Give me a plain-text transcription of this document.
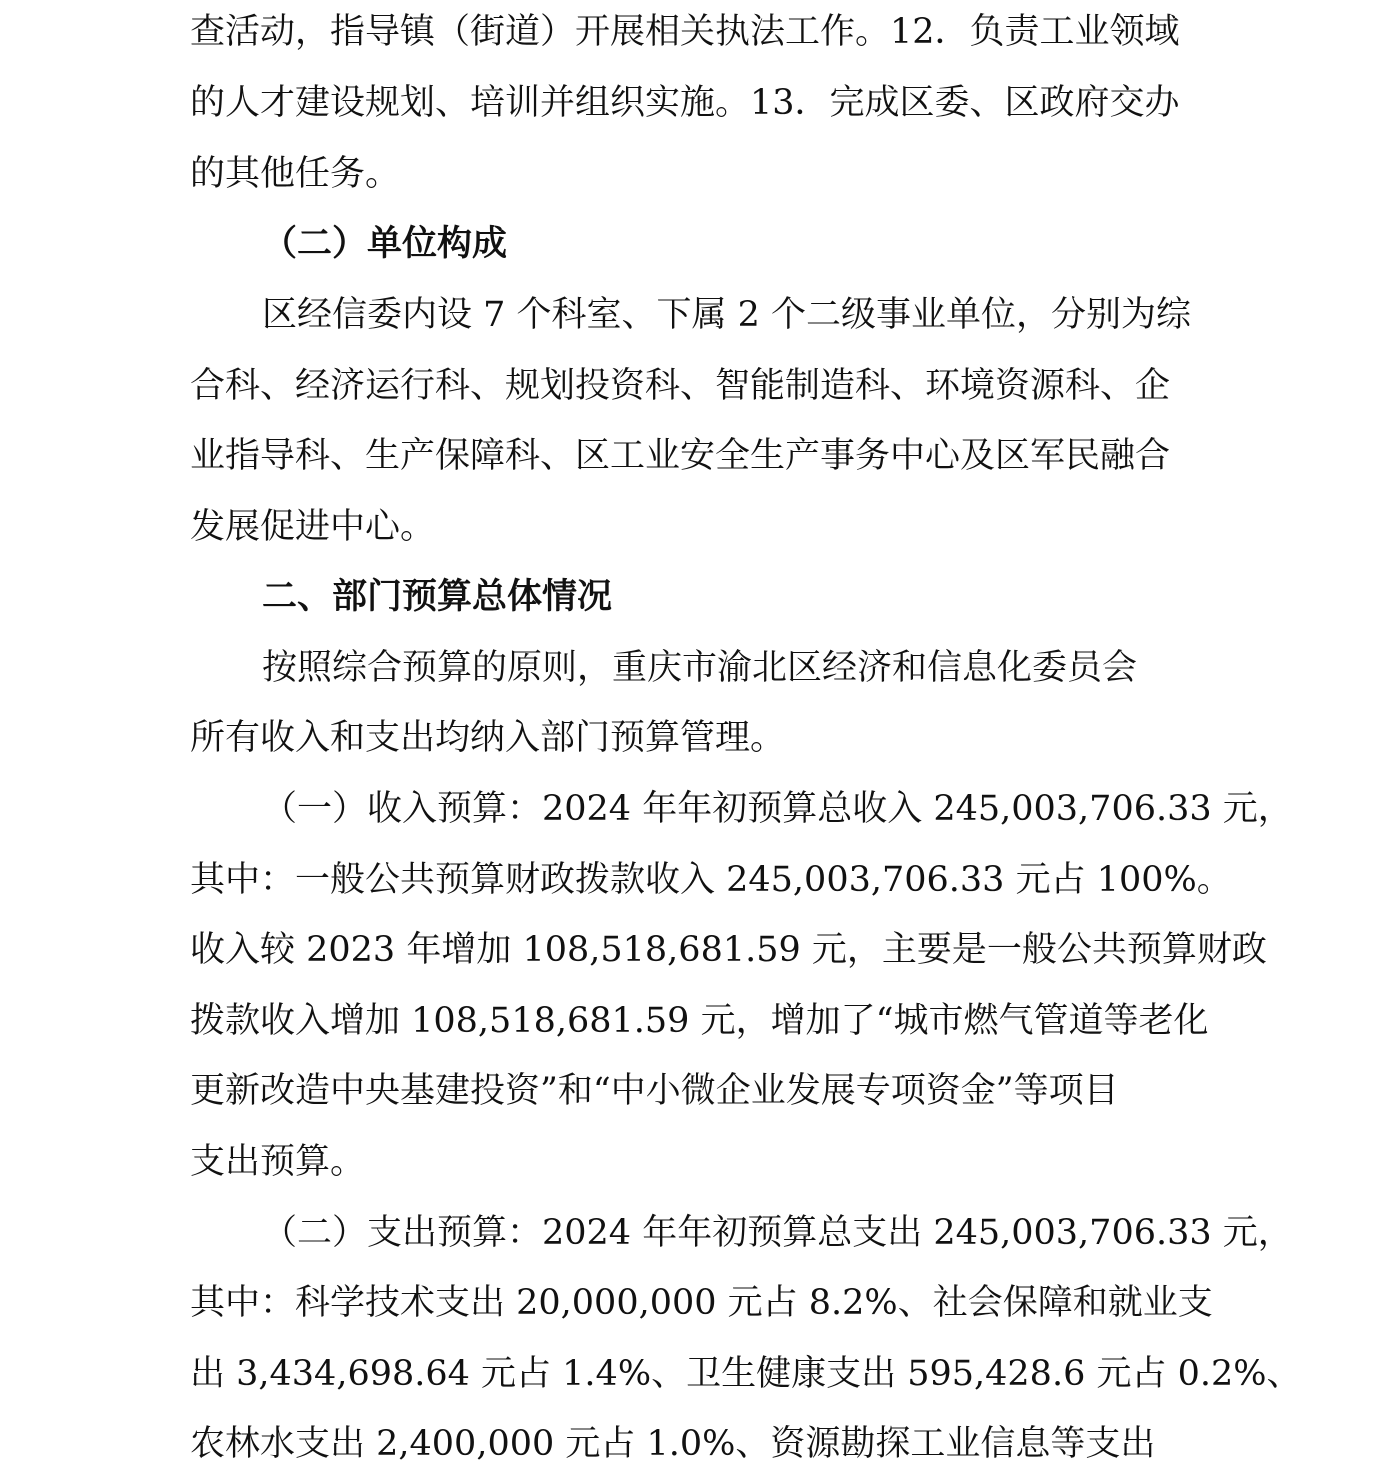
查活动，指导镇（街道）开展相关执法工作。12．负责工业领域
的人才建设规划、培训并组织实施。13．完成区委、区政府交办
的其他任务。
（二）单位构成
区经信委内设 7 个科室、下属 2 个二级事业单位，分别为综
合科、经济运行科、规划投资科、智能制造科、环境资源科、企
业指导科、生产保障科、区工业安全生产事务中心及区军民融合
发展促进中心。
二、部门预算总体情况
按照综合预算的原则，重庆市渝北区经济和信息化委员会
所有收入和支出均纳入部门预算管理。
（一）收入预算：2024 年年初预算总收入 245,003,706.33 元，
其中：一般公共预算财政拨款收入 245,003,706.33 元占 100%。
收入较 2023 年增加 108,518,681.59 元，主要是一般公共预算财政
拨款收入增加 108,518,681.59 元，增加了“城市燃气管道等老化
更新改造中央基建投资”和“中小微企业发展专项资金”等项目
支出预算。
（二）支出预算：2024 年年初预算总支出 245,003,706.33 元，
其中：科学技术支出 20,000,000 元占 8.2%、社会保障和就业支
出 3,434,698.64 元占 1.4%、卫生健康支出 595,428.6 元占 0.2%、
农林水支出 2,400,000 元占 1.0%、资源勘探工业信息等支出
